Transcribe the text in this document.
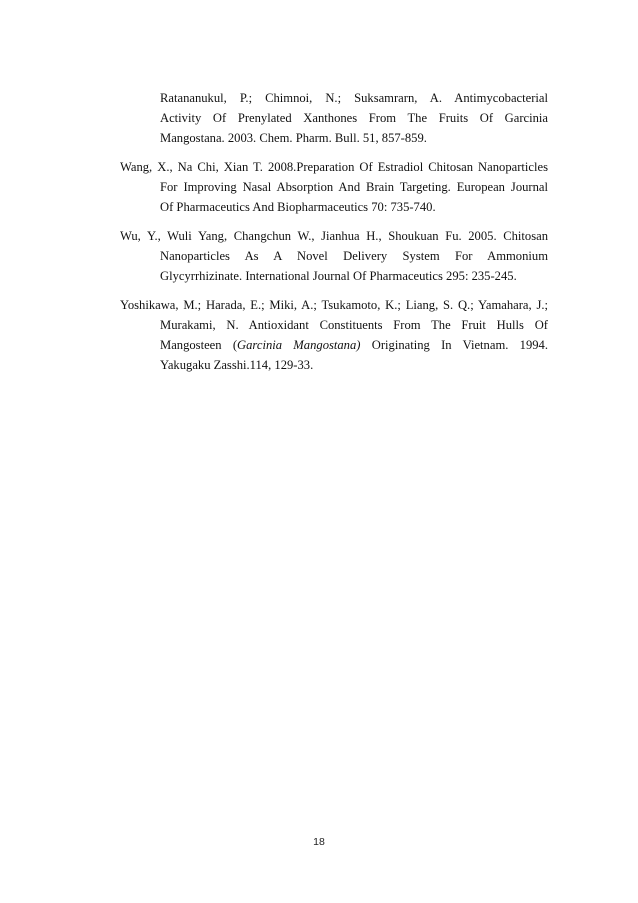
Ratananukul, P.; Chimnoi, N.; Suksamrarn, A. Antimycobacterial
Activity Of Prenylated Xanthones From The Fruits Of Garcinia
Mangostana. 2003. Chem. Pharm. Bull. 51, 857-859.
Wang, X., Na Chi, Xian T. 2008.Preparation Of Estradiol Chitosan Nanoparticles
For Improving Nasal Absorption And Brain Targeting. European Journal
Of Pharmaceutics And Biopharmaceutics 70: 735-740.
Wu, Y., Wuli Yang, Changchun W., Jianhua H., Shoukuan Fu. 2005. Chitosan
Nanoparticles As A Novel Delivery System For Ammonium
Glycyrrhizinate. International Journal Of Pharmaceutics 295: 235-245.
Yoshikawa, M.; Harada, E.; Miki, A.; Tsukamoto, K.; Liang, S. Q.; Yamahara, J.;
Murakami, N. Antioxidant Constituents From The Fruit Hulls Of
Mangosteen (Garcinia Mangostana) Originating In Vietnam. 1994.
Yakugaku Zasshi.114, 129-33.
18
